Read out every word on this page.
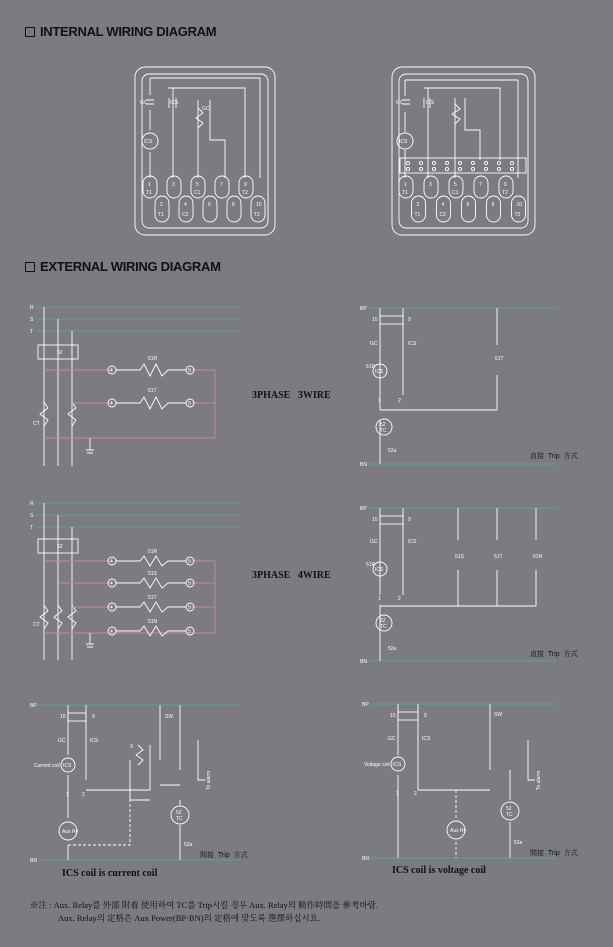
INTERNAL WIRING DIAGRAM
EXTERNAL WIRING DIAGRAM
GC	ICS
GC
ICS
1
T1
2
T1
3
4
C2
5
C1
6
7
8
9
T2
10
T2
GC	ICS
ICS
1
T1
2
T1
3
4
C2
5
C1
6
7
8
9
T2
10
T2
R
S
T
52
CT
4	5
4	5
51R
51T	3PHASE   3WIRE
BP
BN
10	9
GC	ICS
ICS
51R
1	2
52
TC
52a
51T
直接  Trip  方式
R
S
T
52
CT
4	5
51R
4	5
51S
4	5
51T
4	5
51N
3PHASE   4WIRE
BP
BN
10	9
GC	ICS
ICS
51R
1	2
52
TC
52a
51S	51T	51N
直接  Trip  方式
BP
BN
10	9
GC	ICS
Current coil ICS
1	2
Aux Ry
X
SW
52
TC
52a
To alarm
間接  Trip  方式
ICS coil is current coil
BP
BN
10	9
GC	ICS
Voltage coil ICS
1	2
Aux Ry
SW
52
TC
52a
To alarm
間接  Trip  方式
ICS coil is voltage coil
※注 : Aux. Relay를 外部 附着 使用하여 TC를 Trip시킬 경우 Aux. Relay의 動作時間을 參考바람.
Aux. Relay의 定格은 Aux Power(BP·BN)의 定格에 맞도록 選擇하십시요.
